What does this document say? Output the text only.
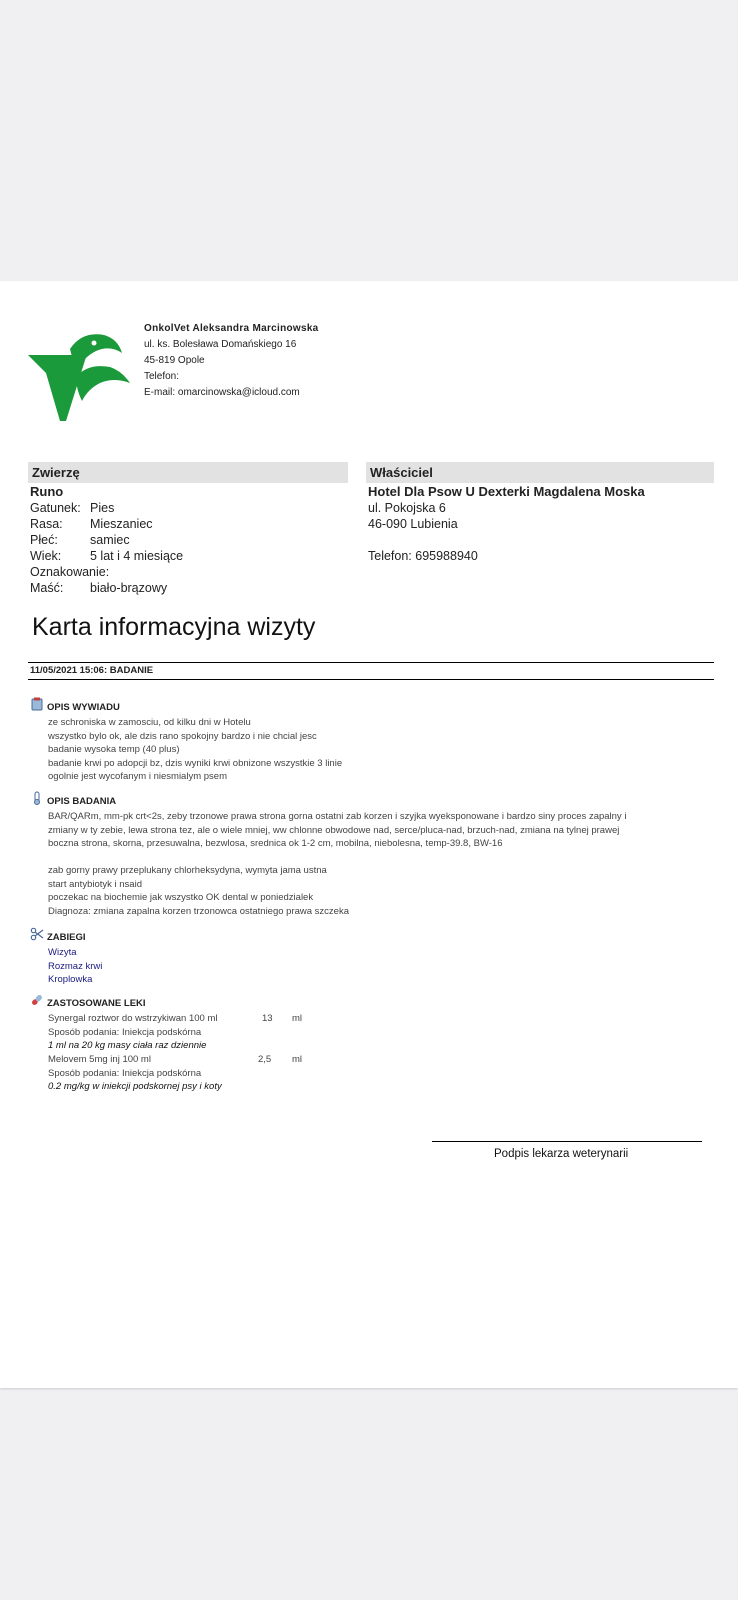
OnkolVet Aleksandra Marcinowska
ul. ks. Bolesława Domańskiego 16
45-819 Opole
Telefon:
E-mail: omarcinowska@icloud.com
Zwierzę
Runo
Gatunek: Pies
Rasa: Mieszaniec
Płeć:	samiec
Wiek: 5 lat i 4 miesiące
Oznakowanie:
Maść: biało-brązowy
Właściciel
Hotel Dla Psow U Dexterki Magdalena Moska
ul. Pokojska 6
46-090 Lubienia
Telefon: 695988940
Karta informacyjna wizyty
11/05/2021 15:06: BADANIE
OPIS WYWIADU
ze schroniska w zamosciu, od kilku dni w Hotelu
wszystko bylo ok, ale dzis rano spokojny bardzo i nie chcial jesc
badanie wysoka temp (40 plus)
badanie krwi po adopcji bz, dzis wyniki krwi obnizone wszystkie 3 linie
ogolnie jest wycofanym i niesmialym psem
OPIS BADANIA
BAR/QARm, mm-pk crt<2s, zeby trzonowe prawa strona gorna ostatni zab korzen i szyjka wyeksponowane i bardzo siny proces zapalny i
zmiany w ty zebie, lewa strona tez, ale o wiele mniej, ww chlonne obwodowe nad, serce/pluca-nad, brzuch-nad, zmiana na tylnej prawej
boczna strona, skorna, przesuwalna, bezwlosa, srednica ok 1-2 cm, mobilna, niebolesna, temp-39.8, BW-16
zab gorny prawy przeplukany chlorheksydyna, wymyta jama ustna
start antybiotyk i nsaid
poczekac na biochemie jak wszystko OK dental w poniedzialek
Diagnoza: zmiana zapalna korzen trzonowca ostatniego prawa szczeka
ZABIEGI
Wizyta
Rozmaz krwi
Kroplowka
ZASTOSOWANE LEKI
Synergal roztwor do wstrzykiwan 100 ml	13 ml
Sposób podania: Iniekcja podskórna
1 ml na 20 kg masy ciała raz dziennie
Melovem 5mg inj 100 ml	2,5 ml
Sposób podania: Iniekcja podskórna
0.2 mg/kg w iniekcji podskornej psy i koty
Podpis lekarza weterynarii
